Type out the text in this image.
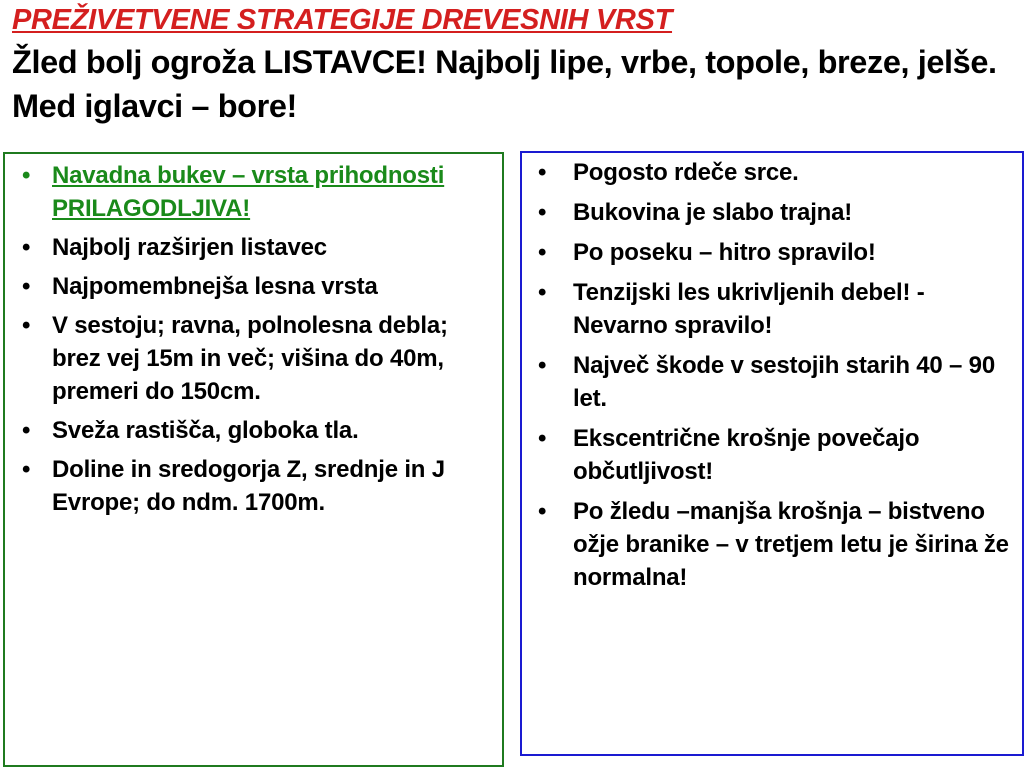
PREŽIVETVENE STRATEGIJE DREVESNIH VRST
Žled bolj ogroža LISTAVCE! Najbolj lipe, vrbe, topole, breze, jelše. Med iglavci – bore!
• Navadna bukev – vrsta prihodnosti PRILAGODLJIVA!
• Najbolj razširjen listavec
• Najpomembnejša lesna vrsta
• V sestoju; ravna, polnolesna debla; brez vej 15m in več; višina do 40m, premeri do 150cm.
• Sveža rastišča, globoka tla.
• Doline in sredogorja Z, srednje in J Evrope; do ndm. 1700m.
• Pogosto rdeče srce.
• Bukovina je slabo trajna!
• Po poseku – hitro spravilo!
• Tenzijski les ukrivljenih debel! - Nevarno spravilo!
• Največ škode v sestojih starih 40 – 90 let.
• Ekscentrične krošnje povečajo občutljivost!
• Po žledu –manjša krošnja – bistveno ožje branike – v tretjem letu je širina že normalna!
